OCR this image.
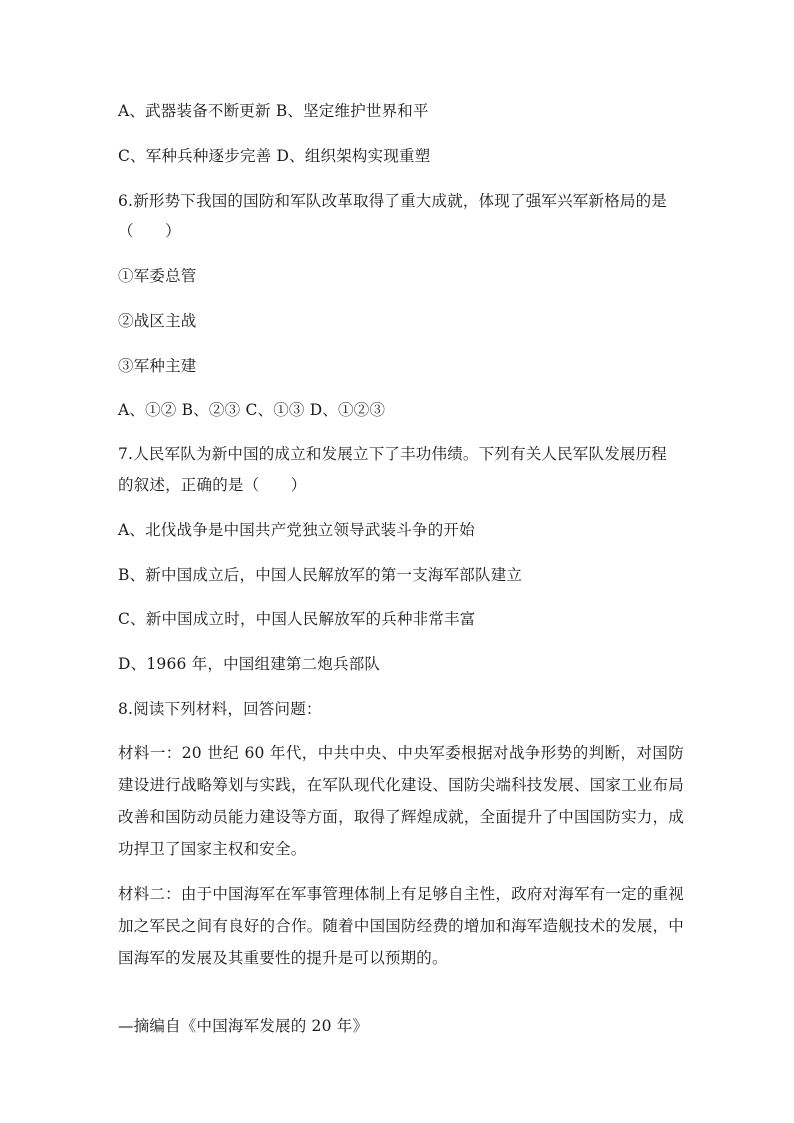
A、武器装备不断更新 B、坚定维护世界和平
C、军种兵种逐步完善 D、组织架构实现重塑
6.新形势下我国的国防和军队改革取得了重大成就，体现了强军兴军新格局的是
（　　）
①军委总管
②战区主战
③军种主建
A、①② B、②③ C、①③ D、①②③
7.人民军队为新中国的成立和发展立下了丰功伟绩。下列有关人民军队发展历程
的叙述，正确的是（　　）
A、北伐战争是中国共产党独立领导武装斗争的开始
B、新中国成立后，中国人民解放军的第一支海军部队建立
C、新中国成立时，中国人民解放军的兵种非常丰富
D、1966 年，中国组建第二炮兵部队
8.阅读下列材料，回答问题：
材料一：20 世纪 60 年代，中共中央、中央军委根据对战争形势的判断，对国防建设进行战略筹划与实践，在军队现代化建设、国防尖端科技发展、国家工业布局改善和国防动员能力建设等方面，取得了辉煌成就，全面提升了中国国防实力，成功捍卫了国家主权和安全。
材料二：由于中国海军在军事管理体制上有足够自主性，政府对海军有一定的重视加之军民之间有良好的合作。随着中国国防经费的增加和海军造舰技术的发展，中国海军的发展及其重要性的提升是可以预期的。
—摘编自《中国海军发展的 20 年》
